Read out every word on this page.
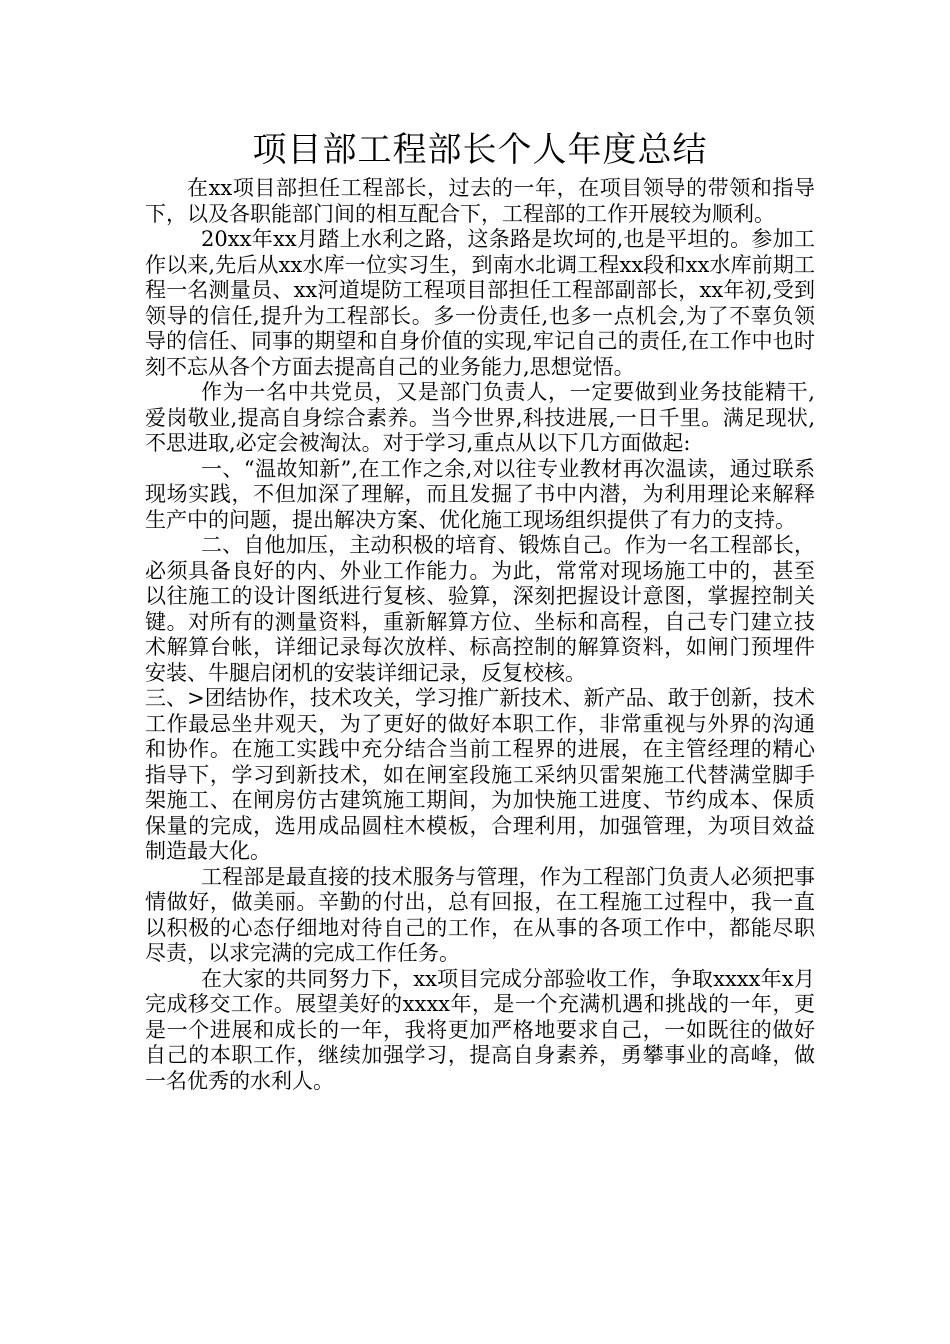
项目部工程部长个人年度总结

在xx项目部担任工程部长，过去的一年，在项目领导的带领和指导下，以及各职能部门间的相互配合下，工程部的工作开展较为顺利。

20xx年xx月踏上水利之路，这条路是坎坷的,也是平坦的。参加工作以来,先后从xx水库一位实习生，到南水北调工程xx段和xx水库前期工程一名测量员、xx河道堤防工程项目部担任工程部副部长，xx年初,受到领导的信任,提升为工程部长。多一份责任,也多一点机会,为了不辜负领导的信任、同事的期望和自身价值的实现,牢记自己的责任,在工作中也时刻不忘从各个方面去提高自己的业务能力,思想觉悟。

作为一名中共党员，又是部门负责人，一定要做到业务技能精干,爱岗敬业,提高自身综合素养。当今世界,科技进展,一日千里。满足现状,不思进取,必定会被淘汰。对于学习,重点从以下几方面做起:

一、“温故知新”,在工作之余,对以往专业教材再次温读，通过联系现场实践，不但加深了理解，而且发掘了书中内潜，为利用理论来解释生产中的问题，提出解决方案、优化施工现场组织提供了有力的支持。

二、自他加压，主动积极的培育、锻炼自己。作为一名工程部长，必须具备良好的内、外业工作能力。为此，常常对现场施工中的，甚至以往施工的设计图纸进行复核、验算，深刻把握设计意图，掌握控制关键。对所有的测量资料，重新解算方位、坐标和高程，自己专门建立技术解算台帐，详细记录每次放样、标高控制的解算资料，如闸门预埋件安装、牛腿启闭机的安装详细记录，反复校核。

三、>团结协作，技术攻关，学习推广新技术、新产品、敢于创新，技术工作最忌坐井观天，为了更好的做好本职工作，非常重视与外界的沟通和协作。在施工实践中充分结合当前工程界的进展，在主管经理的精心指导下，学习到新技术，如在闸室段施工采纳贝雷架施工代替满堂脚手架施工、在闸房仿古建筑施工期间，为加快施工进度、节约成本、保质保量的完成，选用成品圆柱木模板，合理利用，加强管理，为项目效益制造最大化。

工程部是最直接的技术服务与管理，作为工程部门负责人必须把事情做好，做美丽。辛勤的付出，总有回报，在工程施工过程中，我一直以积极的心态仔细地对待自己的工作，在从事的各项工作中，都能尽职尽责，以求完满的完成工作任务。

在大家的共同努力下，xx项目完成分部验收工作，争取xxxx年x月完成移交工作。展望美好的xxxx年，是一个充满机遇和挑战的一年，更是一个进展和成长的一年，我将更加严格地要求自己，一如既往的做好自己的本职工作，继续加强学习，提高自身素养，勇攀事业的高峰，做一名优秀的水利人。
